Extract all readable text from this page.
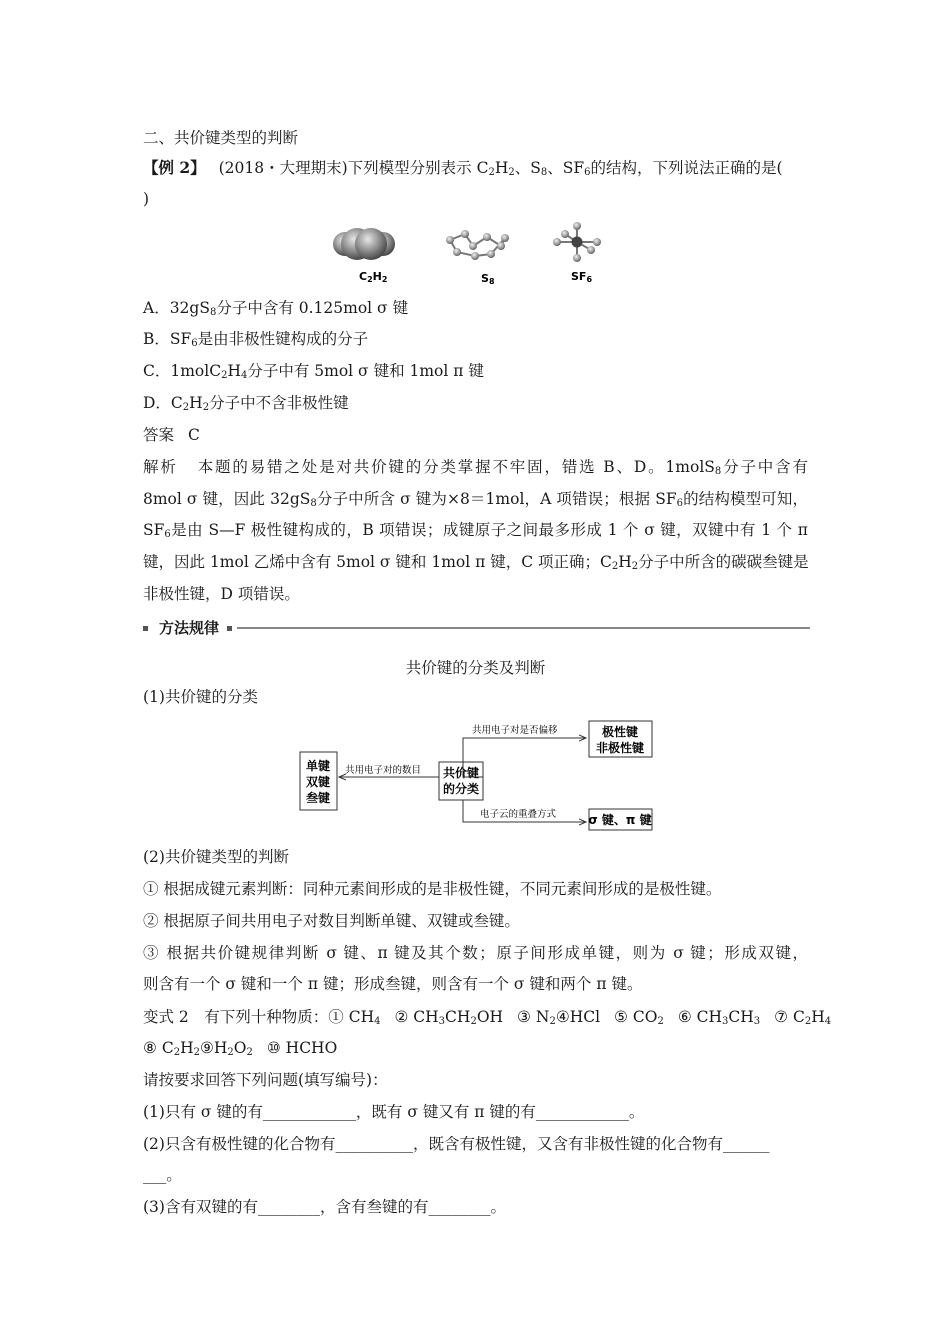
二、共价键类型的判断
【例 2】 (2018・大理期末)下列模型分别表示 $C_2H_2$、$S_8$、$SF_6$的结构，下列说法正确的是(
)
C2H2	S8	SF6
A．$32gS_8$分子中含有 0.125mol σ 键
B．$SF_6$是由非极性键构成的分子
C．$1molC_2H_4$分子中有 5mol σ 键和 1mol π 键
D．$C_2H_2$分子中不含非极性键
答案 C
解析 本题的易错之处是对共价键的分类掌握不牢固，错选 B、D。1molS$_8$分子中含有
8mol σ 键，因此 $32gS_8$分子中所含 σ 键为×8＝1mol，A 项错误；根据 $SF_6$的结构模型可知，
$SF_6$是由 S—F 极性键构成的，B 项错误；成键原子之间最多形成 1 个 σ 键，双键中有 1 个 π
键，因此 1mol 乙烯中含有 5mol σ 键和 1mol π 键，C 项正确；$C_2H_2$分子中所含的碳碳叁键是
非极性键，D 项错误。
方法规律
共价键的分类及判断
(1)共价键的分类
单键
双键
叁键
共价键
的分类
共用电子对的数目
共用电子对是否偏移
电子云的重叠方式
极性键
非极性键
σ 键、π 键
(2)共价键类型的判断
① 根据成键元素判断：同种元素间形成的是非极性键，不同元素间形成的是极性键。
② 根据原子间共用电子对数目判断单键、双键或叁键。
③ 根据共价键规律判断 σ 键、π 键及其个数；原子间形成单键，则为 σ 键；形成双键，
则含有一个 σ 键和一个 π 键；形成叁键，则含有一个 σ 键和两个 π 键。
变式 2　有下列十种物质：① $CH_4$ ② $CH_3CH_2OH$ ③ $N_2④HCl$ ⑤ $CO_2$ ⑥ $CH_3CH_3$ ⑦ $C_2H_4$
⑧ $C_2H_2⑨H_2O_2$ ⑩ HCHO
请按要求回答下列问题(填写编号)：
(1)只有 σ 键的有____________，既有 σ 键又有 π 键的有____________。
(2)只含有极性键的化合物有__________，既含有极性键，又含有非极性键的化合物有______
___。
(3)含有双键的有________，含有叁键的有________。
